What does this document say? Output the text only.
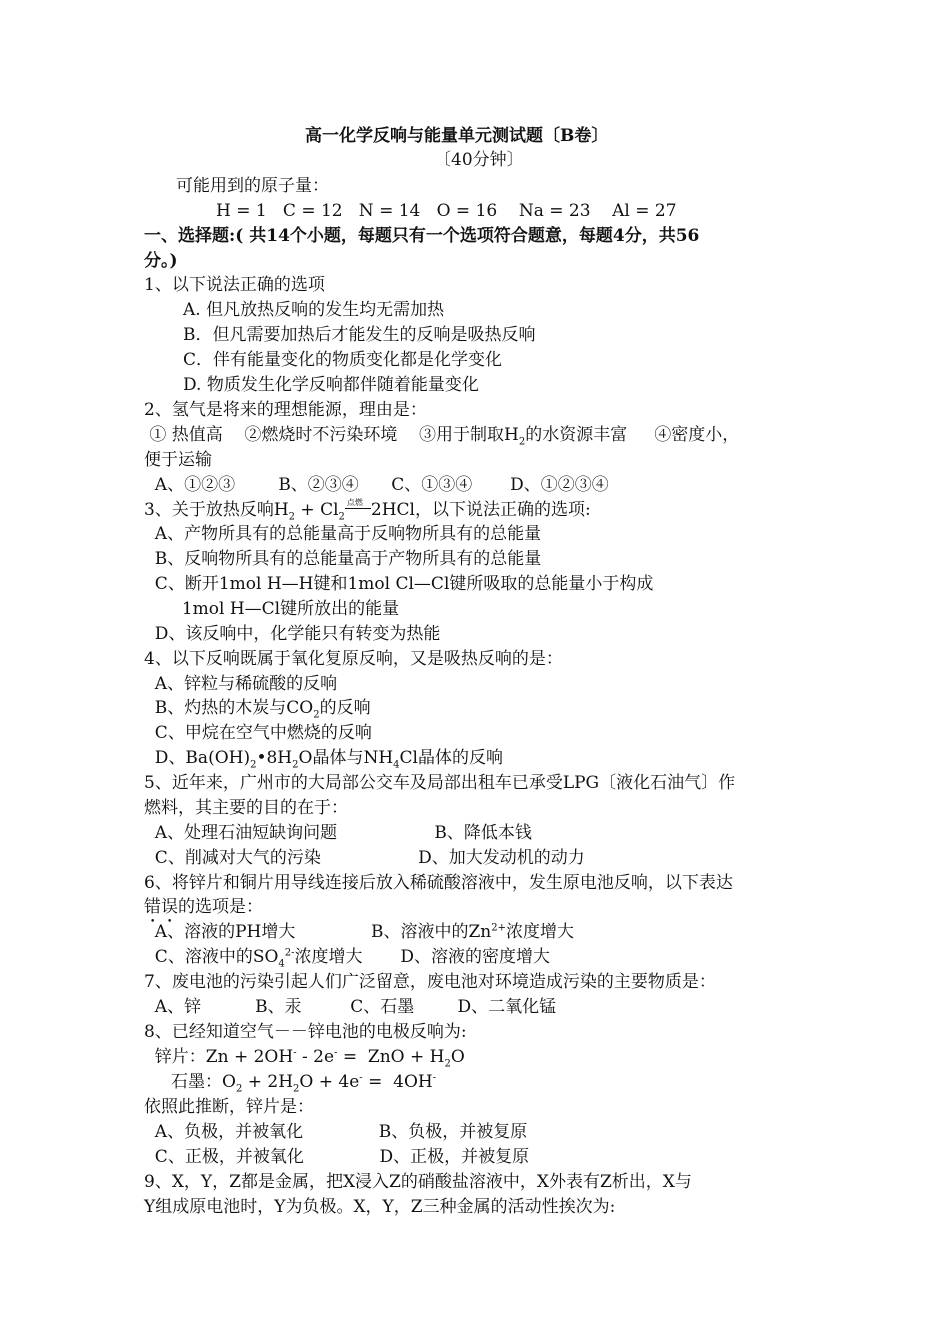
高一化学反响与能量单元测试题〔B卷〕
〔40分钟〕
可能用到的原子量：
H = 1   C = 12   N = 14   O = 16    Na = 23    Al = 27
一、选择题:( 共14个小题，每题只有一个选项符合题意，每题4分，共56
分。)
1、以下说法正确的选项
A. 但凡放热反响的发生均无需加热
B．但凡需要加热后才能发生的反响是吸热反响
C．伴有能量变化的物质变化都是化学变化
D. 物质发生化学反响都伴随着能量变化
2、氢气是将来的理想能源，理由是：
① 热值高    ②燃烧时不污染环境    ③用于制取$H_2$的水资源丰富     ④密度小，
便于运输
A、①②③        B、②③④      C、①③④       D、①②③④
3、关于放热反响$H_2 + Cl_2$
点燃 2HCl，以下说法正确的选项:
A、产物所具有的总能量高于反响物所具有的总能量
B、反响物所具有的总能量高于产物所具有的总能量
C、断开1mol H—H键和1mol Cl—Cl键所吸取的总能量小于构成
1mol H—Cl键所放出的能量
D、该反响中，化学能只有转变为热能
4、以下反响既属于氧化复原反响，又是吸热反响的是：
A、锌粒与稀硫酸的反响
B、灼热的木炭与$CO_2$的反响
C、甲烷在空气中燃烧的反响
D、$Ba(OH)_2•8H_2O$晶体与$NH_4Cl$晶体的反响
5、近年来，广州市的大局部公交车及局部出租车已承受LPG〔液化石油气〕作
燃料，其主要的目的在于：
A、处理石油短缺询问题                  B、降低本钱
C、削减对大气的污染                  D、加大发动机的动力
6、将锌片和铜片用导线连接后放入稀硫酸溶液中，发生原电池反响，以下表达
错误的选项是：
A、溶液的PH增大              B、溶液中的$Zn^{2+}$浓度增大
C、溶液中的$SO_4^{2-}$浓度增大       D、溶液的密度增大
7、废电池的污染引起人们广泛留意，废电池对环境造成污染的主要物质是：
A、锌          B、汞         C、石墨        D、二氧化锰
8、已经知道空气－－锌电池的电极反响为:
锌片：Zn + 2OH- - 2e- =  ZnO + $H_2O$
石墨：$O_2 + 2H_2O + 4e^- = 4OH^-$
依照此推断，锌片是：
A、负极，并被氧化              B、负极，并被复原
C、正极，并被氧化              D、正极，并被复原
9、X，Y，Z都是金属，把X浸入Z的硝酸盐溶液中，X外表有Z析出，X与
Y组成原电池时，Y为负极。X，Y，Z三种金属的活动性挨次为:
